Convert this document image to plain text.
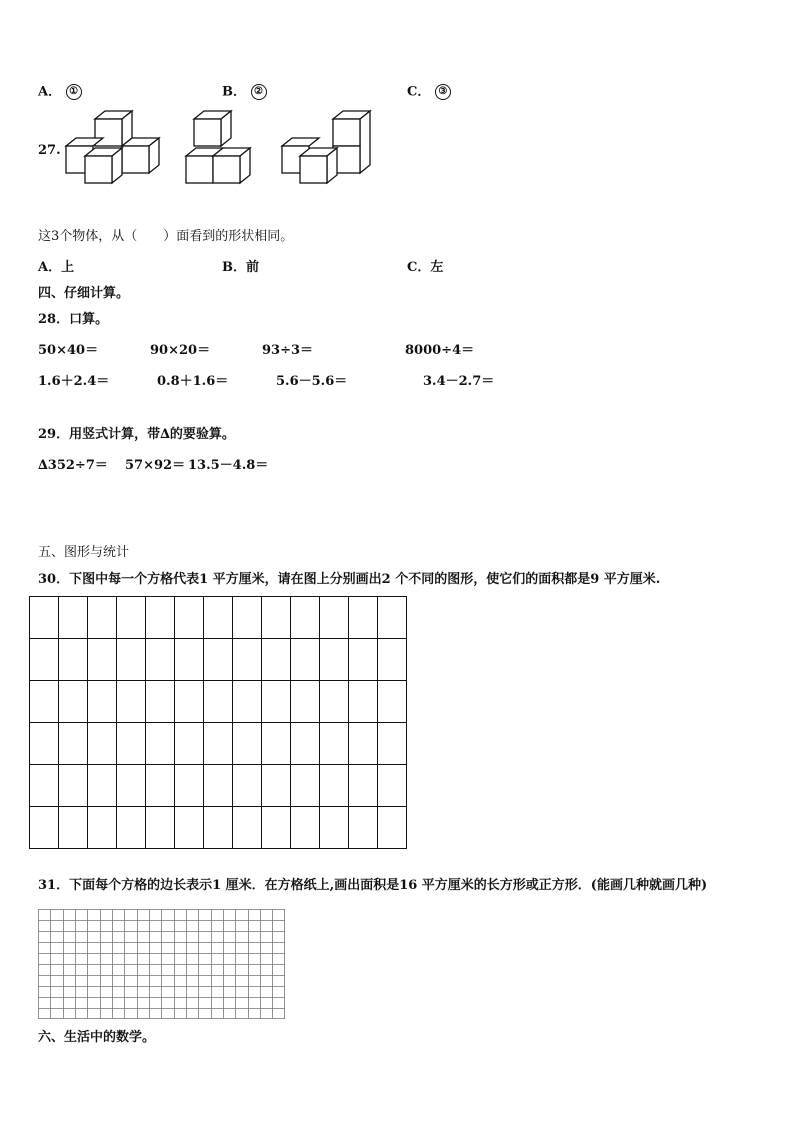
A． ①	B． ②	C． ③
27.
这3个物体，从（　　）面看到的形状相同。
A．上	B．前	C．左
四、仔细计算。
28．口算。
50×40＝	90×20＝	93÷3＝	8000÷4＝
1.6＋2.4＝	0.8＋1.6＝	5.6－5.6＝	3.4－2.7＝
29．用竖式计算，带∆的要验算。
∆352÷7＝ 57×92＝ 13.5－4.8＝
五、图形与统计
30．下图中每一个方格代表1 平方厘米，请在图上分别画出2 个不同的图形，使它们的面积都是9 平方厘米.
31．下面每个方格的边长表示1 厘米．在方格纸上,画出面积是16 平方厘米的长方形或正方形．(能画几种就画几种)
六、生活中的数学。
